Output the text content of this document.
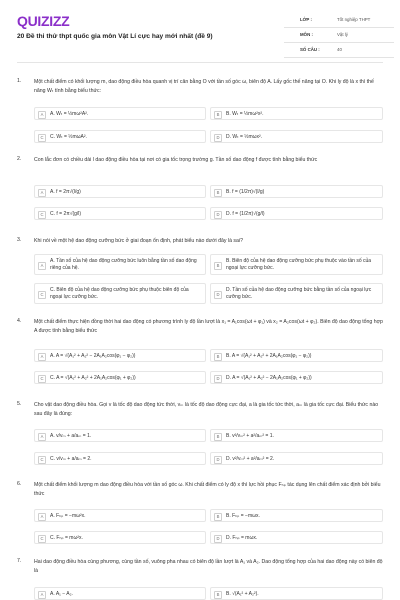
QUIZIZZ
20 Đề thi thử thpt quốc gia môn Vật Lí cực hay mới nhất (đề 9)
LỚP :	Tốt nghiệp THPT
MÔN :	Vật lý
SỐ CÂU :	40
1. Một chất điểm có khối lượng m, dao động điều hòa quanh vị trí cân bằng O với tần số góc ω, biên độ A. Lấy gốc thế năng tại O. Khi ly độ là x thì thế năng Wₜ tính bằng biểu thức:
A	A. Wₜ = ½mω²A².	B	B. Wₜ = ½mω²x².
C	C. Wₜ = ½mωA².	D	D. Wₜ = ½mωx².
2. Con lắc đơn có chiều dài l dao động điều hòa tại nơi có gia tốc trọng trường g. Tần số dao động f được tính bằng biểu thức
A	A. f = 2π√(l/g)	B	B. f = (1/2π)√(l/g)
C	C. f = 2π√(g/l)	D	D. f = (1/2π)√(g/l)
3. Khi nói về một hệ dao động cưỡng bức ở giai đoạn ổn định, phát biểu nào dưới đây là sai?
A
A. Tần số của hệ dao động cưỡng bức luôn bằng tần số dao động riêng của hệ.	B
B. Biên độ của hệ dao động cưỡng bức phụ thuộc vào tần số của ngoại lực cưỡng bức.
C
C. Biên độ của hệ dao động cưỡng bức phụ thuộc biên độ của ngoại lực cưỡng bức.	D
D. Tần số của hệ dao động cưỡng bức bằng tần số của ngoại lực cưỡng bức.
4. Một chất điểm thực hiện đồng thời hai dao động có phương trình ly độ lần lượt là x₁ = A₁cos(ωt + φ₁) và x₂ = A₂cos(ωt + φ₂). Biên độ dao động tổng hợp A được tính bằng biểu thức
A	A. A = √(A₁² + A₂² − 2A₁A₂cos(φ₁ − φ₂))	B	B. A = √(A₁² + A₂² + 2A₁A₂cos(φ₁ − φ₂))
C	C. A = √(A₁² + A₂² + 2A₁A₂cos(φ₁ + φ₂))	D	D. A = √(A₁² + A₂² − 2A₁A₂cos(φ₁ + φ₂))
5. Cho vật dao động điều hòa. Gọi v là tốc độ dao động tức thời, vₘ là tốc độ dao động cực đại, a là gia tốc tức thời, aₘ là gia tốc cực đại. Biểu thức nào sau đây là đúng:
A	A. v/vₘ + a/aₘ = 1.	B	B. v²/vₘ² + a²/aₘ² = 1.
C	C. v/vₘ + a/aₘ = 2.	D	D. v²/vₘ² + a²/aₘ² = 2.
6. Một chất điểm khối lượng m dao động điều hòa với tần số góc ω. Khi chất điểm có ly độ x thì lực hồi phục Fₕₚ tác dụng lên chất điểm xác định bởi biểu thức
A	A. Fₕₚ = −mω²x.	B	B. Fₕₚ = −mωx.
C	C. Fₕₚ = mω²x.	D	D. Fₕₚ = mωx.
7. Hai dao động điều hòa cùng phương, cùng tần số, vuông pha nhau có biên độ lần lượt là A₁ và A₂. Dao động tổng hợp của hai dao động này có biên độ là
A	A. A₁ − A₂.	B	B. √(A₁² + A₂²).
